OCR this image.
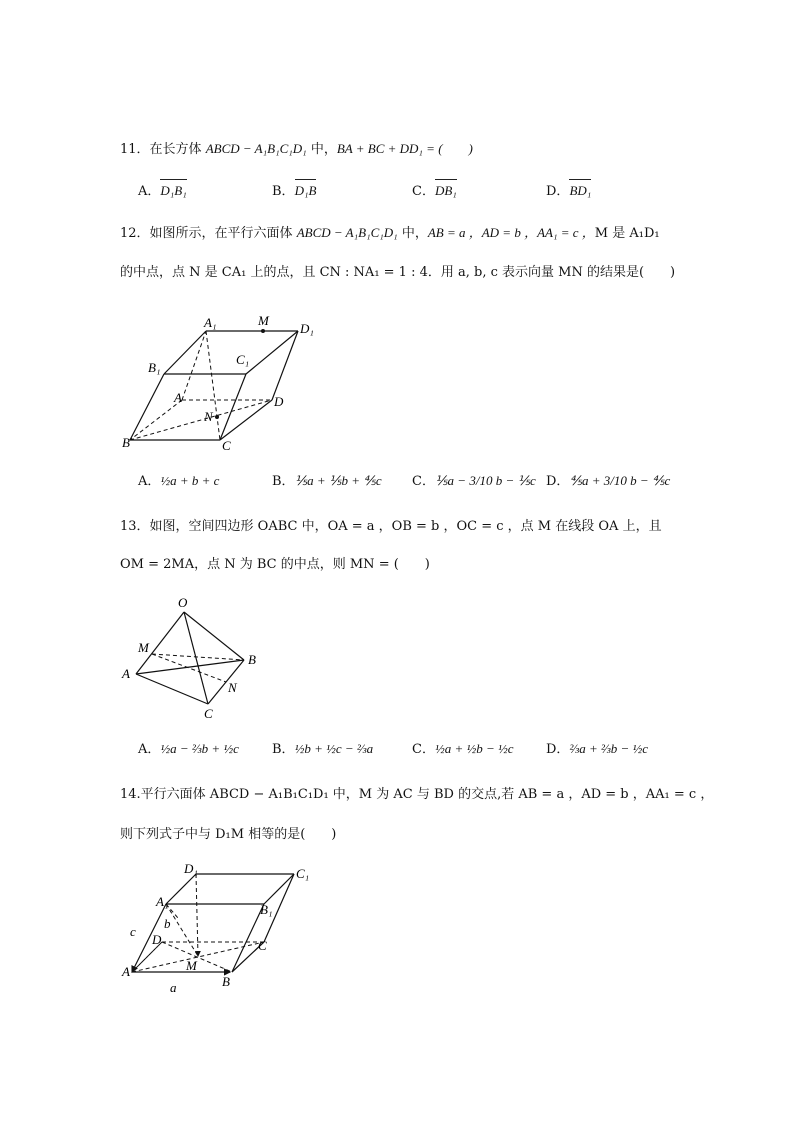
11．在长方体 ABCD − A₁B₁C₁D₁ 中，BA + BC + DD₁ = (　　)
A．D₁B₁	B．D₁B	C．DB₁	D．BD₁
12．如图所示，在平行六面体 ABCD − A₁B₁C₁D₁ 中，AB = a ，AD = b ，AA₁ = c ，M 是 A₁D₁
的中点，点 N 是 CA₁ 上的点，且 CN : NA₁ = 1 : 4．用 a, b, c 表示向量 MN 的结果是(　　)
A₁	M
D₁
B₁
C₁
A	D
N
B	C
A．½a + b + c	B．⅕a + ⅕b + ⅘c C．⅕a − 3/10 b − ⅕c D．⅘a + 3/10 b − ⅘c
13．如图，空间四边形 OABC 中，OA = a ，OB = b ，OC = c ，点 M 在线段 OA 上，且
OM = 2MA，点 N 为 BC 的中点，则 MN = (　　)
O
M
B
A
N
C
A．½a − ⅔b + ½c	B．½b + ½c − ⅔a	C．½a + ½b − ½c D．⅔a + ⅔b − ½c
14.平行六面体 ABCD − A₁B₁C₁D₁ 中，M 为 AC 与 BD 的交点,若 AB = a ，AD = b ，AA₁ = c ，
则下列式子中与 D₁M 相等的是(　　)
D₁	C₁
A₁
B₁
c
b
D	C
A	M
B
a
